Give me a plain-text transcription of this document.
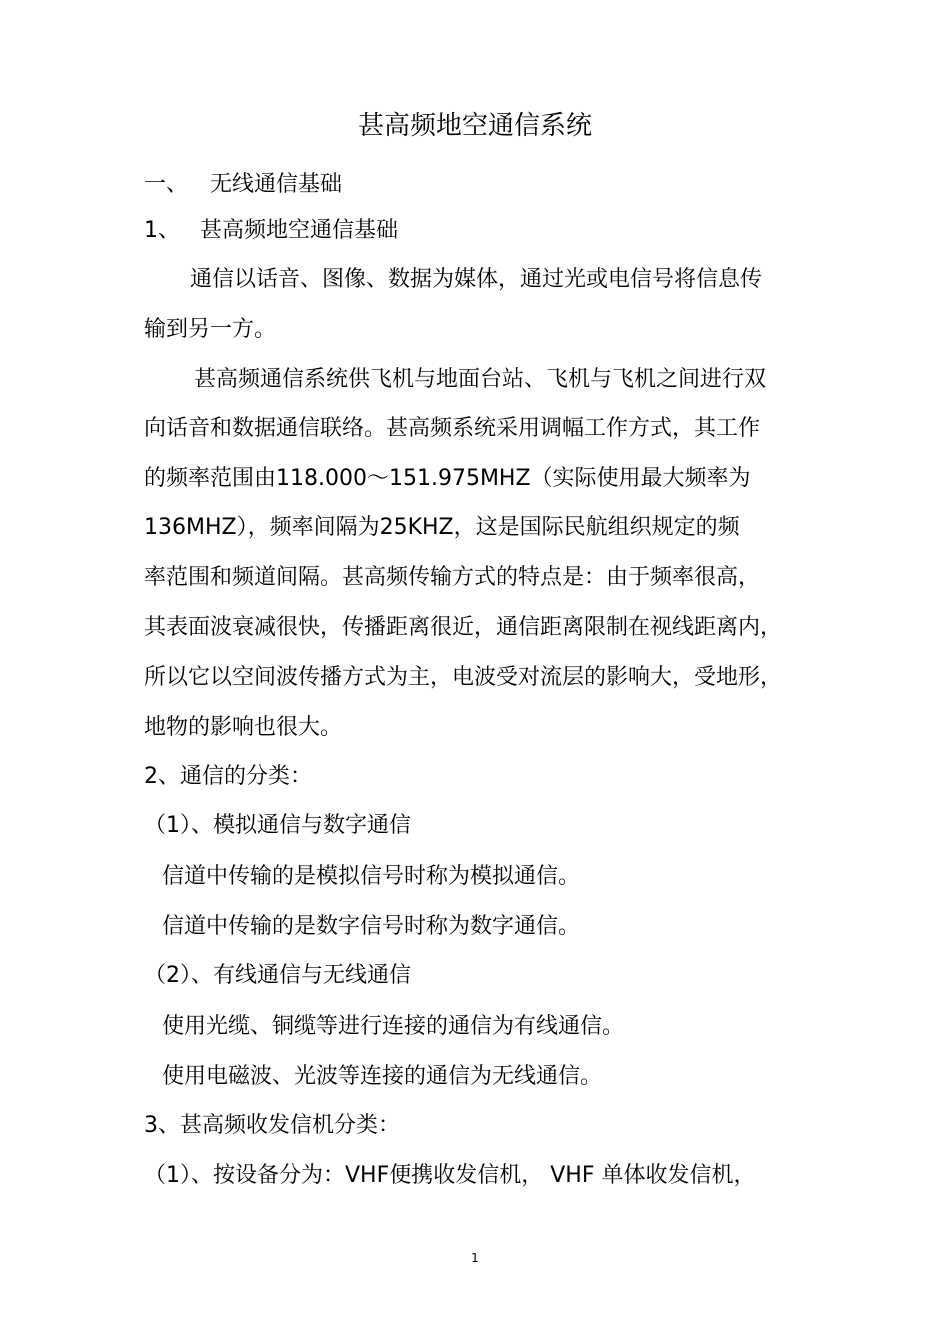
甚高频地空通信系统
一、 无线通信基础
1、 甚高频地空通信基础
通信以话音、图像、数据为媒体，通过光或电信号将信息传
输到另一方。
甚高频通信系统供飞机与地面台站、飞机与飞机之间进行双
向话音和数据通信联络。甚高频系统采用调幅工作方式，其工作
的频率范围由118.000～151.975MHZ（实际使用最大频率为
136MHZ），频率间隔为25KHZ，这是国际民航组织规定的频
率范围和频道间隔。甚高频传输方式的特点是：由于频率很高，
其表面波衰减很快，传播距离很近，通信距离限制在视线距离内，
所以它以空间波传播方式为主，电波受对流层的影响大，受地形，
地物的影响也很大。
2、通信的分类：
（1）、模拟通信与数字通信
信道中传输的是模拟信号时称为模拟通信。
信道中传输的是数字信号时称为数字通信。
（2）、有线通信与无线通信
使用光缆、铜缆等进行连接的通信为有线通信。
使用电磁波、光波等连接的通信为无线通信。
3、甚高频收发信机分类：
（1）、按设备分为：VHF便携收发信机， VHF 单体收发信机，
1
